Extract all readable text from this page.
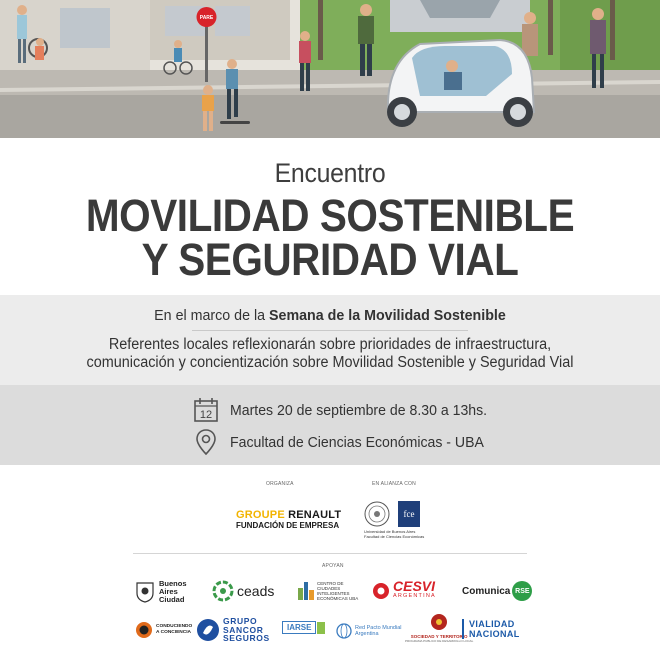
PARE
Encuentro
MOVILIDAD SOSTENIBLE
Y SEGURIDAD VIAL
En el marco de la Semana de la Movilidad Sostenible
Referentes locales reflexionarán sobre prioridades de infraestructura,
comunicación y concientización sobre Movilidad Sostenible y Seguridad Vial
12 Martes 20 de septiembre de 8.30 a 13hs.
Facultad de Ciencias Económicas - UBA
ORGANIZA	EN ALIANZA CON
GROUPE RENAULT
FUNDACIÓN DE EMPRESA
fce
Universidad de Buenos Aires
Facultad de Ciencias Económicas
APOYAN
Buenos
Aires
Ciudad
ceads	CENTRO DE
CIUDADES
INTELIGENTES
ECONÓMICAS UBA
CESVI
ARGENTINA	Comunica RSE
CONDUCIENDO
A CONCIENCIA
GRUPO
SANCOR
SEGUROS
IARSE	Red Pacto Mundial
Argentina	SOCIEDAD Y TERRITORIO
PROGRAMA PUBLICO DE DESARROLLO LOCAL
VIALIDAD
NACIONAL
